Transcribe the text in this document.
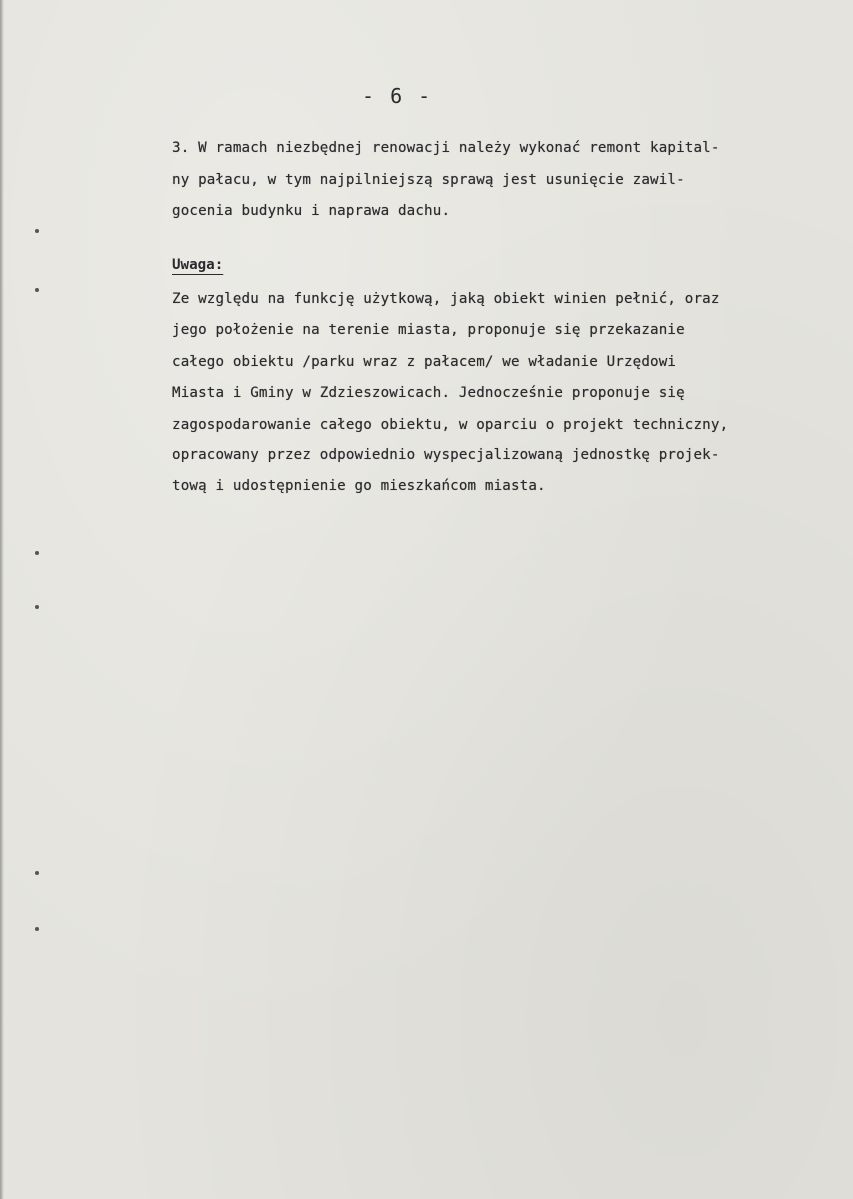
- 6 -
3. W ramach niezbędnej renowacji należy wykonać remont kapital-
ny pałacu, w tym najpilniejszą sprawą jest usunięcie zawil-
gocenia budynku i naprawa dachu.
Uwaga:
Ze względu na funkcję użytkową, jaką obiekt winien pełnić, oraz
jego położenie na terenie miasta, proponuje się przekazanie
całego obiektu /parku wraz z pałacem/ we władanie Urzędowi
Miasta i Gminy w Zdzieszowicach. Jednocześnie proponuje się
zagospodarowanie całego obiektu, w oparciu o projekt techniczny,
opracowany przez odpowiednio wyspecjalizowaną jednostkę projek-
tową i udostępnienie go mieszkańcom miasta.
